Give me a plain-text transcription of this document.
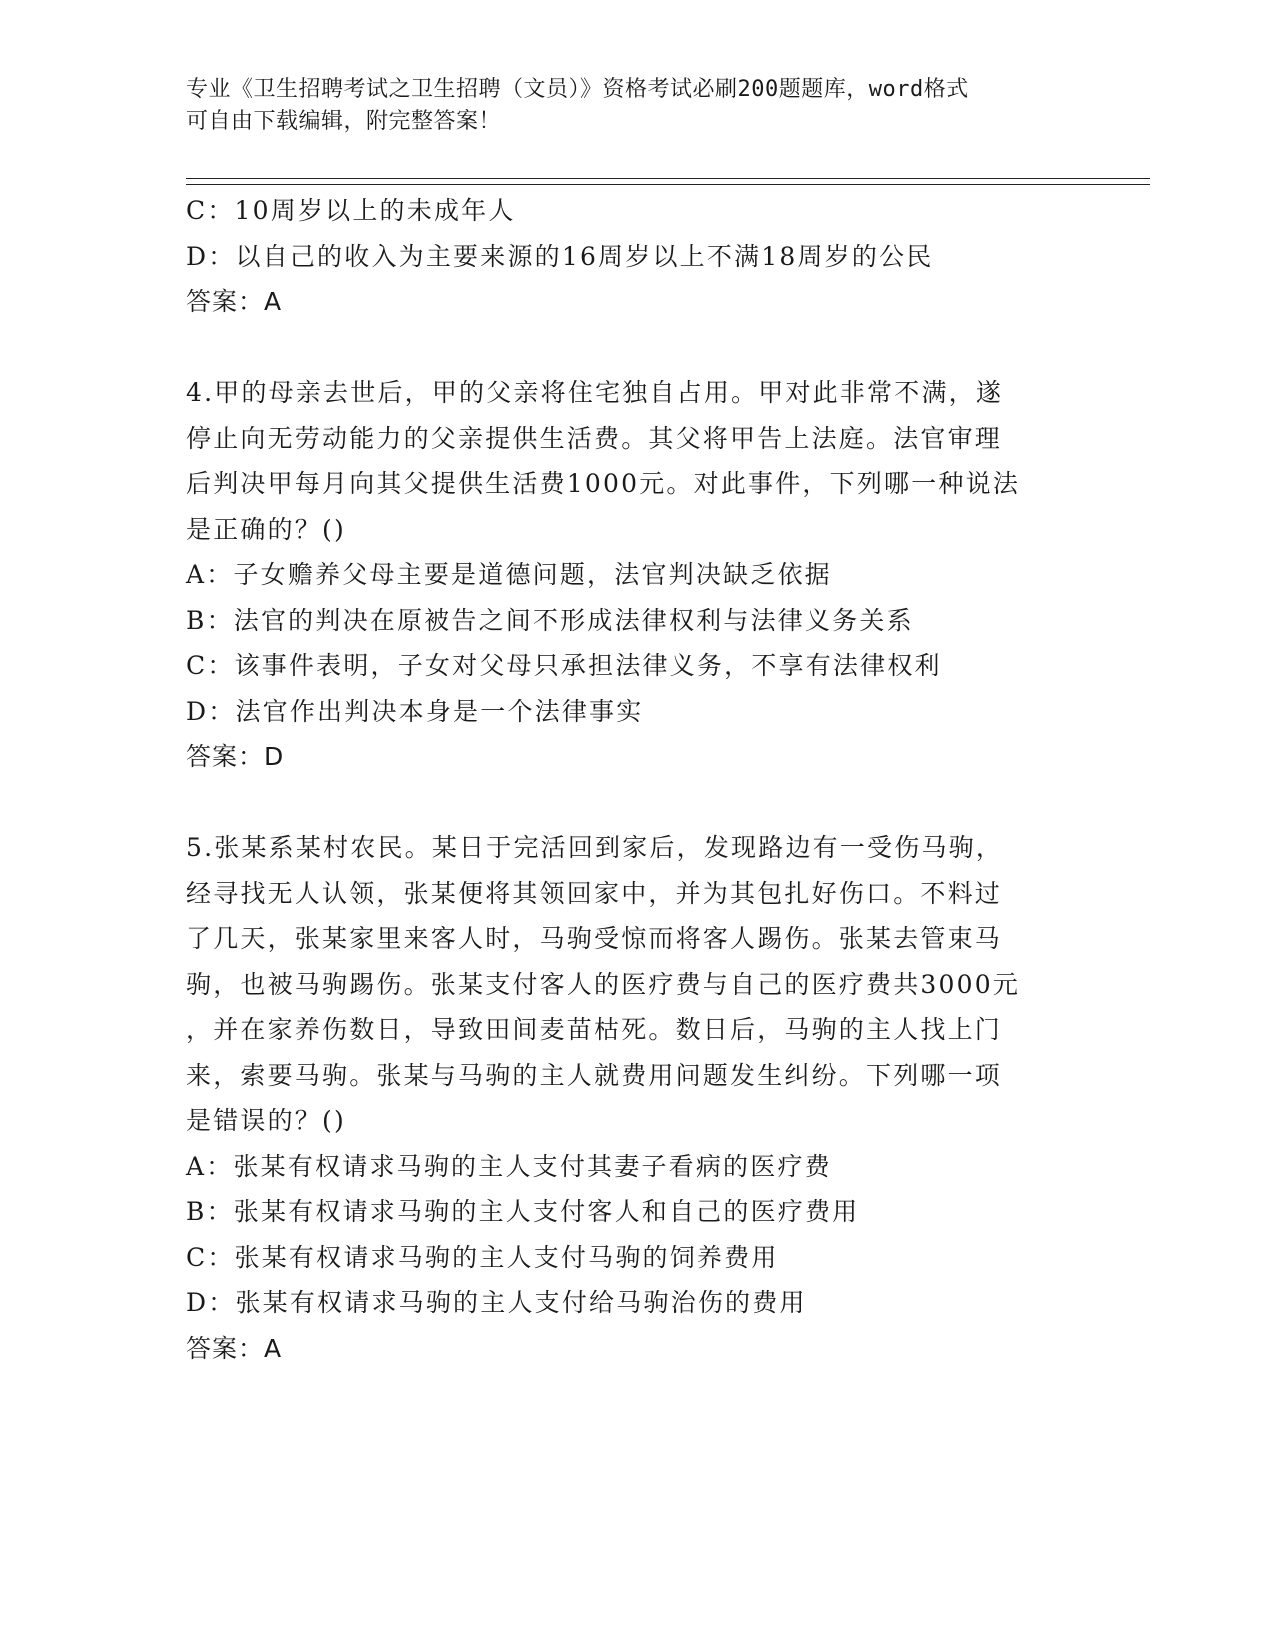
专业《卫生招聘考试之卫生招聘（文员）》资格考试必刷200题题库，word格式
可自由下载编辑，附完整答案！
C：10周岁以上的未成年人
D：以自己的收入为主要来源的16周岁以上不满18周岁的公民
答案：A
4.甲的母亲去世后，甲的父亲将住宅独自占用。甲对此非常不满，遂
停止向无劳动能力的父亲提供生活费。其父将甲告上法庭。法官审理
后判决甲每月向其父提供生活费1000元。对此事件，下列哪一种说法
是正确的？()
A：子女赡养父母主要是道德问题，法官判决缺乏依据
B：法官的判决在原被告之间不形成法律权利与法律义务关系
C：该事件表明，子女对父母只承担法律义务，不享有法律权利
D：法官作出判决本身是一个法律事实
答案：D
5.张某系某村农民。某日于完活回到家后，发现路边有一受伤马驹，
经寻找无人认领，张某便将其领回家中，并为其包扎好伤口。不料过
了几天，张某家里来客人时，马驹受惊而将客人踢伤。张某去管束马
驹，也被马驹踢伤。张某支付客人的医疗费与自己的医疗费共3000元
，并在家养伤数日，导致田间麦苗枯死。数日后，马驹的主人找上门
来，索要马驹。张某与马驹的主人就费用问题发生纠纷。下列哪一项
是错误的？()
A：张某有权请求马驹的主人支付其妻子看病的医疗费
B：张某有权请求马驹的主人支付客人和自己的医疗费用
C：张某有权请求马驹的主人支付马驹的饲养费用
D：张某有权请求马驹的主人支付给马驹治伤的费用
答案：A
